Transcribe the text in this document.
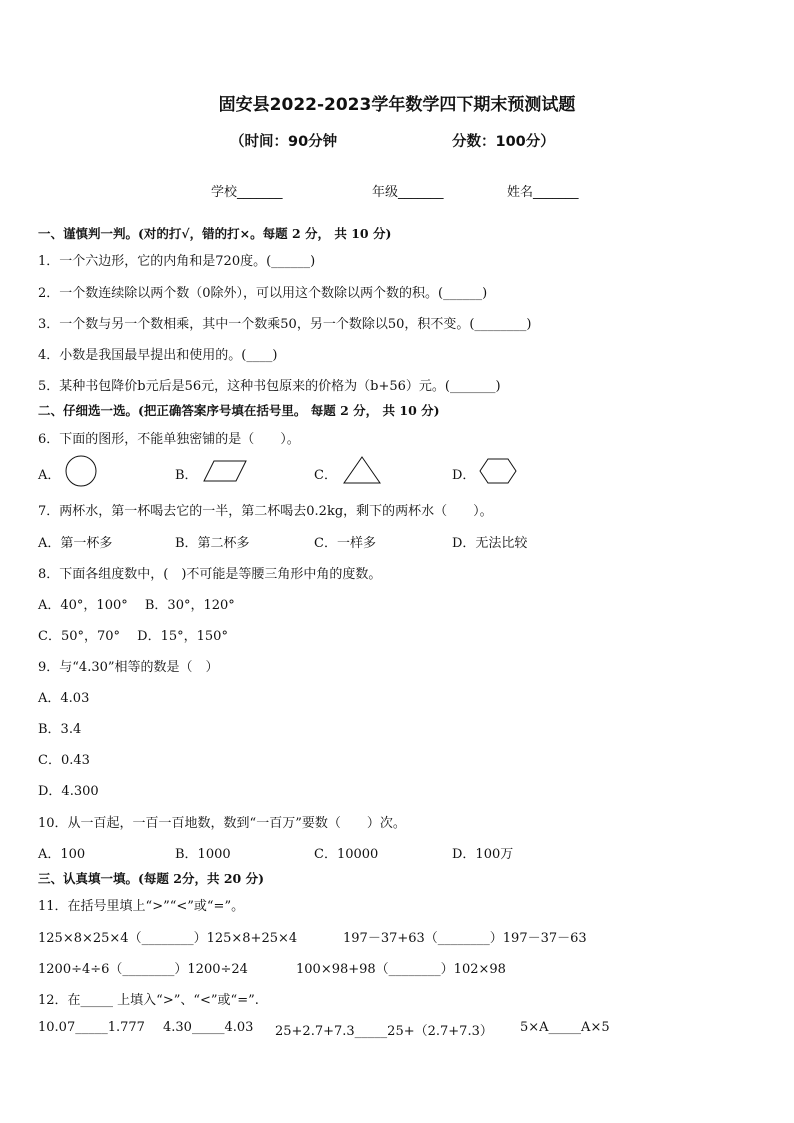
固安县2022-2023学年数学四下期末预测试题
（时间：90分钟	分数：100分）
学校_______	年级_______	姓名_______
一、谨慎判一判。(对的打√，错的打×。每题 2 分， 共 10 分)
1．一个六边形，它的内角和是720度。(______)
2．一个数连续除以两个数（0除外），可以用这个数除以两个数的积。(______)
3．一个数与另一个数相乘，其中一个数乘50，另一个数除以50，积不变。(________)
4．小数是我国最早提出和使用的。(____)
5．某种书包降价b元后是56元，这种书包原来的价格为（b+56）元。(_______)
二、仔细选一选。(把正确答案序号填在括号里。 每题 2 分， 共 10 分)
6．下面的图形，不能单独密铺的是（　　）。
A．	B．	C．	D．
7．两杯水，第一杯喝去它的一半，第二杯喝去0.2kg，剩下的两杯水（　　）。
A．第一杯多	B．第二杯多	C．一样多	D．无法比较
8．下面各组度数中，(　)不可能是等腰三角形中角的度数。
A．40°，100°　 B．30°，120°
C．50°，70°　 D．15°，150°
9．与“4.30”相等的数是（　）
A．4.03
B．3.4
C．0.43
D．4.300
10．从一百起，一百一百地数，数到“一百万”要数（　　）次。
A．100	B．1000	C．10000	D．100万
三、认真填一填。(每题 2分，共 20 分)
11．在括号里填上“>”“<”或“=”。
125×8×25×4（________）125×8+25×4	197－37+63（________）197－37－63
1200÷4÷6（________）1200÷24	100×98+98（________）102×98
12．在_____ 上填入“>”、“<”或“=”.
10.07_____1.777 4.30_____4.03 25+2.7+7.3_____25+（2.7+7.3） 5×A_____A×5
